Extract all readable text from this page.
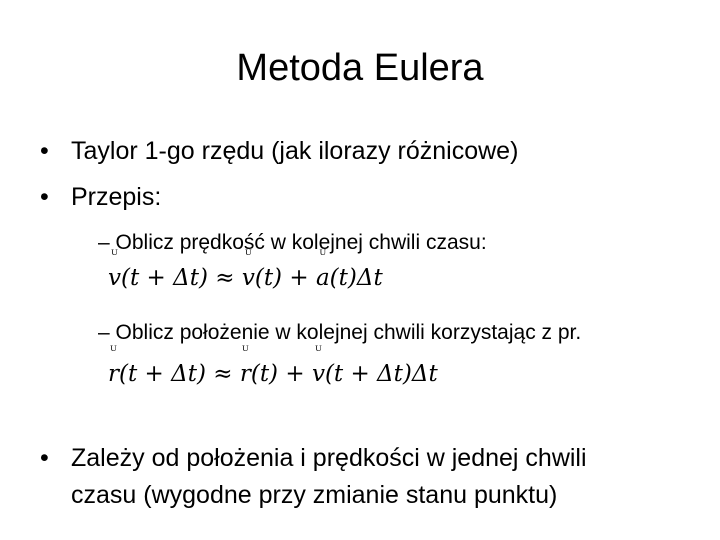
Metoda Eulera
• Taylor 1-go rzędu (jak ilorazy różnicowe)
• Przepis:
– Oblicz prędkość w kolejnej chwili czasu:
ᵁ v(t + Δt) ≈ ᵁ v(t) + ᵁ a(t)Δt
– Oblicz położenie w kolejnej chwili korzystając z pr.
ᵁ r(t + Δt) ≈ ᵁ r(t) + ᵁ v(t + Δt)Δt
• Zależy od położenia i prędkości w jednej chwili
czasu (wygodne przy zmianie stanu punktu)
